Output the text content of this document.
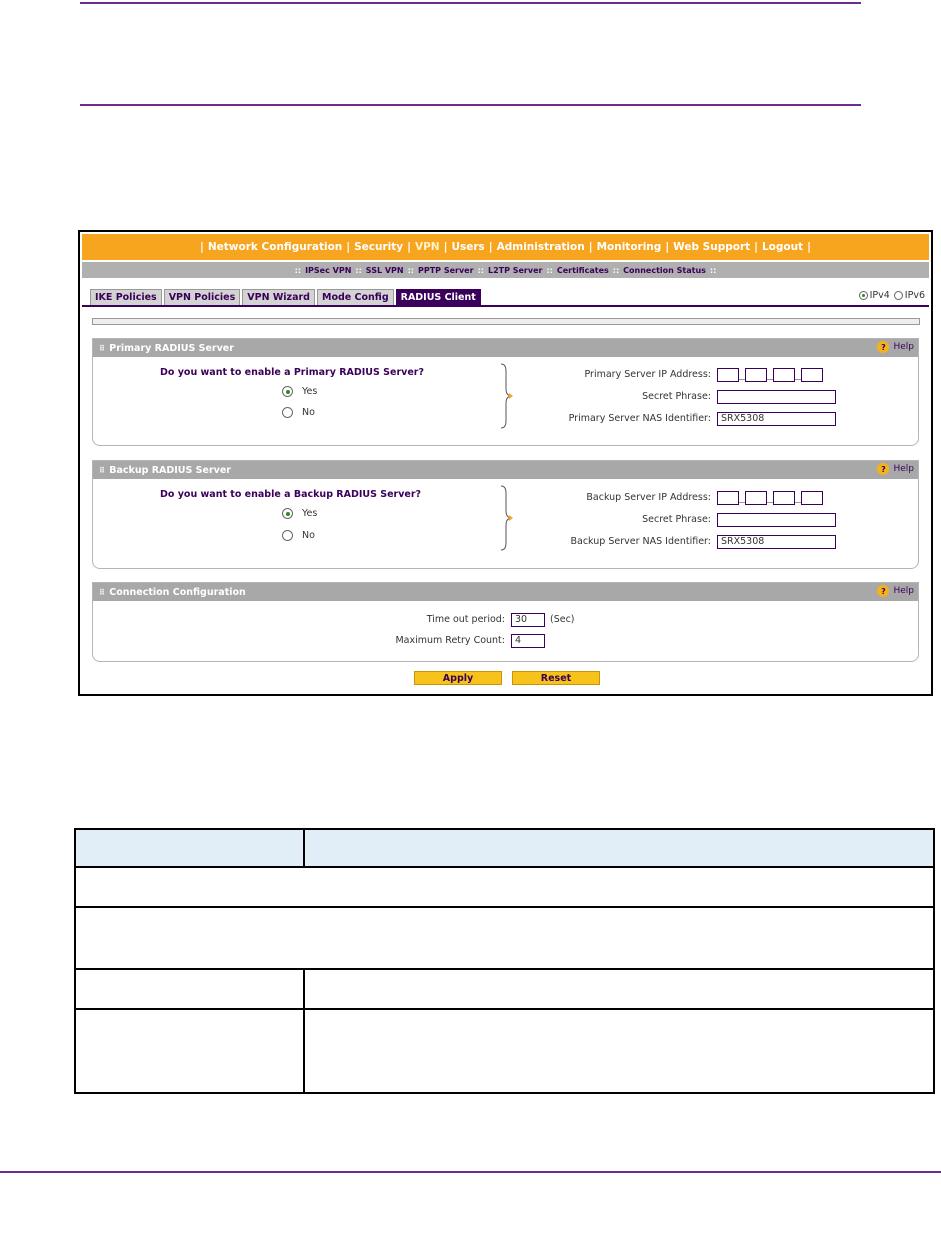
| Network Configuration | Security | VPN | Users | Administration | Monitoring | Web Support | Logout |
:: IPSec VPN :: SSL VPN :: PPTP Server :: L2TP Server :: Certificates :: Connection Status ::
IKE Policies	VPN Policies	VPN Wizard	Mode Config	RADIUS Client	IPv4 IPv6
⠿ Primary RADIUS Server	? Help
Do you want to enable a Primary RADIUS Server?
Yes
No
Primary Server IP Address:
Secret Phrase:
Primary Server NAS Identifier:	SRX5308
⠿ Backup RADIUS Server	? Help
Do you want to enable a Backup RADIUS Server?
Yes
No
Backup Server IP Address:
Secret Phrase:
Backup Server NAS Identifier:	SRX5308
⠿ Connection Configuration	? Help
Time out period:	30	(Sec)
Maximum Retry Count:	4
Apply	Reset
